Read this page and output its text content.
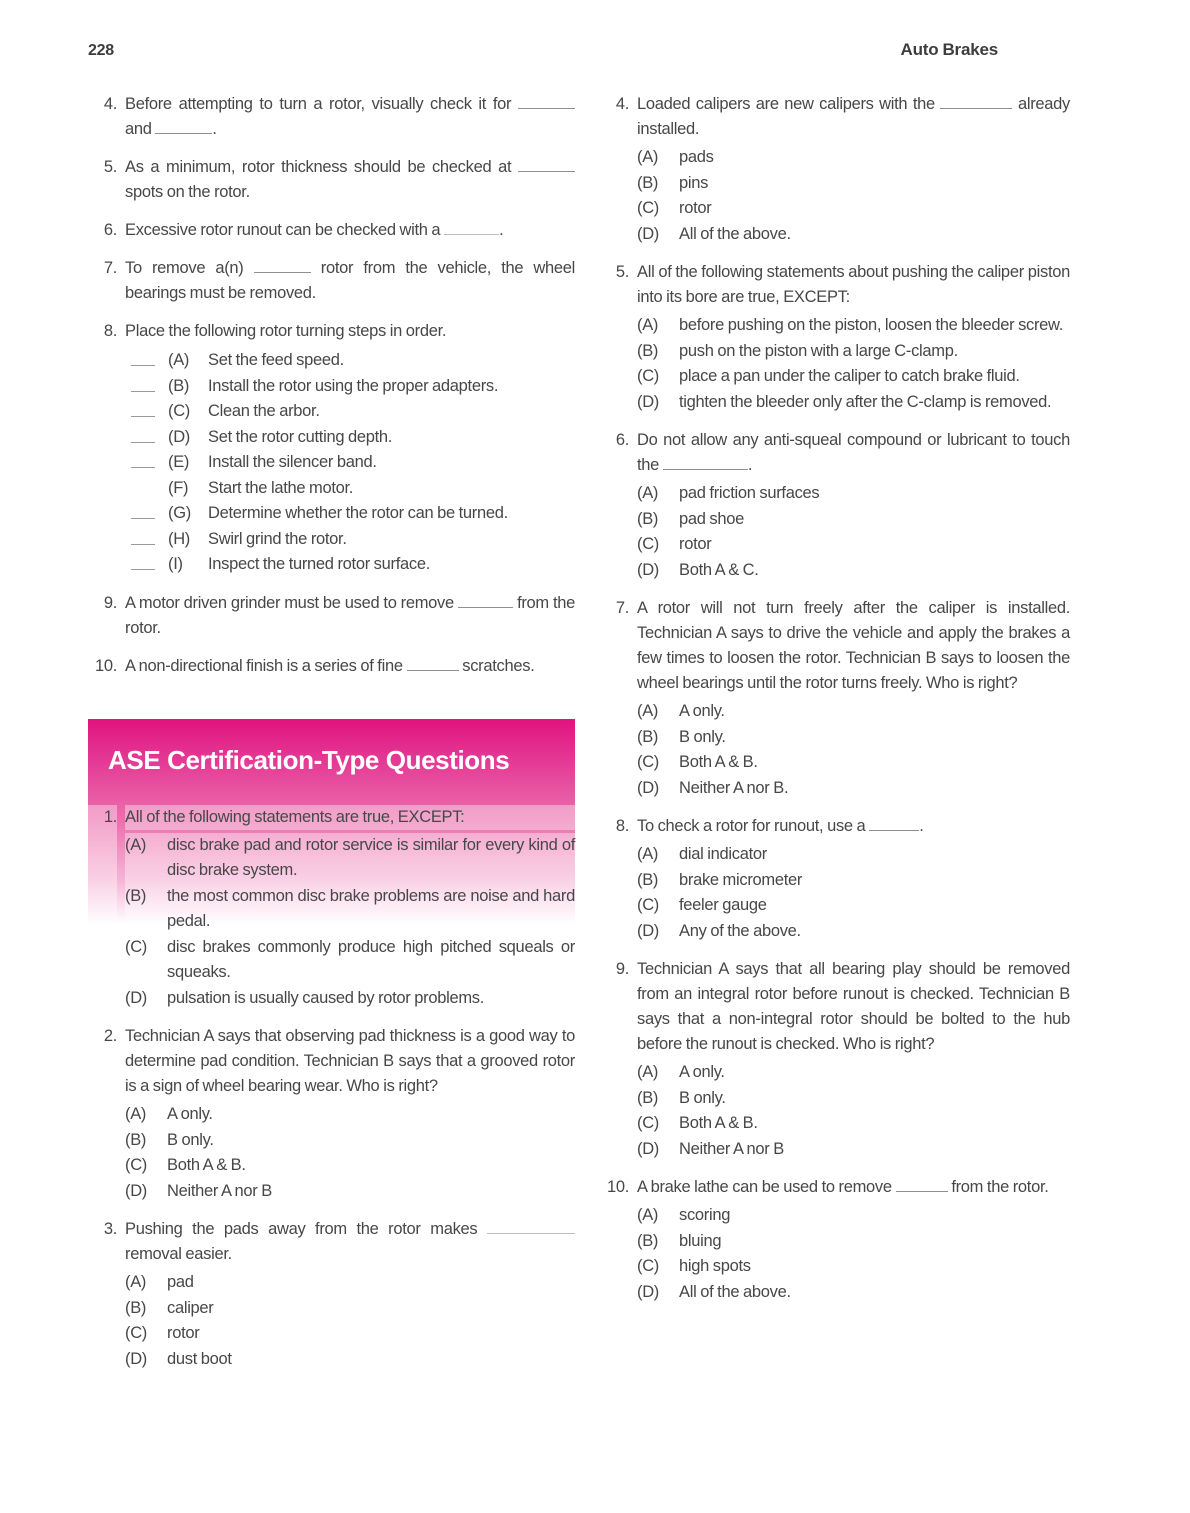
228	Auto Brakes
4. Before attempting to turn a rotor, visually check it for  and	.
5. As a minimum, rotor thickness should be checked at  spots on the rotor.
6. Excessive rotor runout can be checked with a	.
7. To remove a(n)	rotor from the vehicle, the wheel bearings must be removed.
8. Place the following rotor turning steps in order.
(A)	Set the feed speed.
(B)	Install the rotor using the proper adapters.
(C)	Clean the arbor.
(D)	Set the rotor cutting depth.
(E)	Install the silencer band.
(F)	Start the lathe motor.
(G)	Determine whether the rotor can be turned.
(H)	Swirl grind the rotor.
(I)	Inspect the turned rotor surface.
9. A motor driven grinder must be used to remove	from the rotor.
10. A non-directional finish is a series of fine	scratches.
ASE Certification-Type Questions
1. All of the following statements are true, EXCEPT:
(A)	disc brake pad and rotor service is similar for every kind of disc brake system.
(B)	the most common disc brake problems are noise and hard pedal.
(C)	disc brakes commonly produce high pitched squeals or squeaks.
(D)	pulsation is usually caused by rotor problems.
2. Technician A says that observing pad thickness is a good way to determine pad condition. Technician B says that a grooved rotor is a sign of wheel bearing wear. Who is right?
(A)	A only.
(B)	B only.
(C)	Both A & B.
(D)	Neither A nor B
3. Pushing the pads away from the rotor makes  removal easier.
(A)	pad
(B)	caliper
(C)	rotor
(D)	dust boot
4. Loaded calipers are new calipers with the	already installed.
(A)	pads
(B)	pins
(C)	rotor
(D)	All of the above.
5. All of the following statements about pushing the caliper piston into its bore are true, EXCEPT:
(A)	before pushing on the piston, loosen the bleeder screw.
(B)	push on the piston with a large C-clamp.
(C)	place a pan under the caliper to catch brake fluid.
(D)	tighten the bleeder only after the C-clamp is removed.
6. Do not allow any anti-squeal compound or lubricant to touch the	.
(A)	pad friction surfaces
(B)	pad shoe
(C)	rotor
(D)	Both A & C.
7. A rotor will not turn freely after the caliper is installed. Technician A says to drive the vehicle and apply the brakes a few times to loosen the rotor. Technician B says to loosen the wheel bearings until the rotor turns freely. Who is right?
(A)	A only.
(B)	B only.
(C)	Both A & B.
(D)	Neither A nor B.
8. To check a rotor for runout, use a	.
(A)	dial indicator
(B)	brake micrometer
(C)	feeler gauge
(D)	Any of the above.
9. Technician A says that all bearing play should be removed from an integral rotor before runout is checked. Technician B says that a non-integral rotor should be bolted to the hub before the runout is checked. Who is right?
(A)	A only.
(B)	B only.
(C)	Both A & B.
(D)	Neither A nor B
10. A brake lathe can be used to remove	from the rotor.
(A)	scoring
(B)	bluing
(C)	high spots
(D)	All of the above.
